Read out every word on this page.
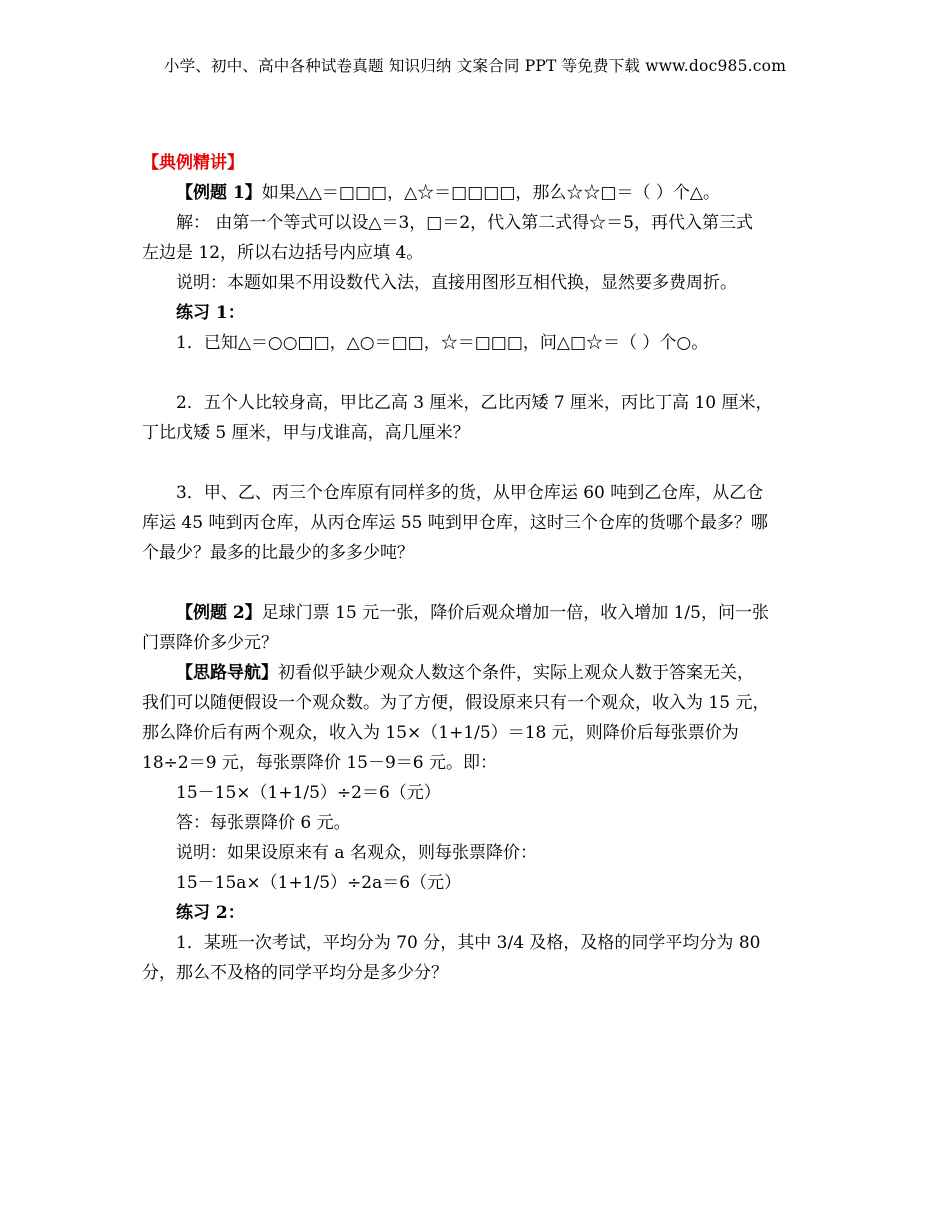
小学、初中、高中各种试卷真题 知识归纳 文案合同 PPT 等免费下载 www.doc985.com
【典例精讲】
【例题 1】如果△△＝□□□，△☆＝□□□□，那么☆☆□＝（ ）个△。
解： 由第一个等式可以设△＝3，□＝2，代入第二式得☆＝5，再代入第三式
左边是 12，所以右边括号内应填 4。
说明：本题如果不用设数代入法，直接用图形互相代换，显然要多费周折。
练习 1：
1．已知△＝○○□□，△○＝□□，☆＝□□□，问△□☆＝（ ）个○。
2．五个人比较身高，甲比乙高 3 厘米，乙比丙矮 7 厘米，丙比丁高 10 厘米，
丁比戊矮 5 厘米，甲与戊谁高，高几厘米？
3．甲、乙、丙三个仓库原有同样多的货，从甲仓库运 60 吨到乙仓库，从乙仓
库运 45 吨到丙仓库，从丙仓库运 55 吨到甲仓库，这时三个仓库的货哪个最多？哪
个最少？最多的比最少的多多少吨？
【例题 2】足球门票 15 元一张，降价后观众增加一倍，收入增加 1/5，问一张
门票降价多少元？
【思路导航】初看似乎缺少观众人数这个条件，实际上观众人数于答案无关，
我们可以随便假设一个观众数。为了方便，假设原来只有一个观众，收入为 15 元，
那么降价后有两个观众，收入为 15×（1+1/5）＝18 元，则降价后每张票价为
18÷2＝9 元，每张票降价 15－9＝6 元。即：
15－15×（1+1/5）÷2＝6（元）
答：每张票降价 6 元。
说明：如果设原来有 a 名观众，则每张票降价：
15－15a×（1+1/5）÷2a＝6（元）
练习 2：
1．某班一次考试，平均分为 70 分，其中 3/4 及格，及格的同学平均分为 80
分，那么不及格的同学平均分是多少分？
